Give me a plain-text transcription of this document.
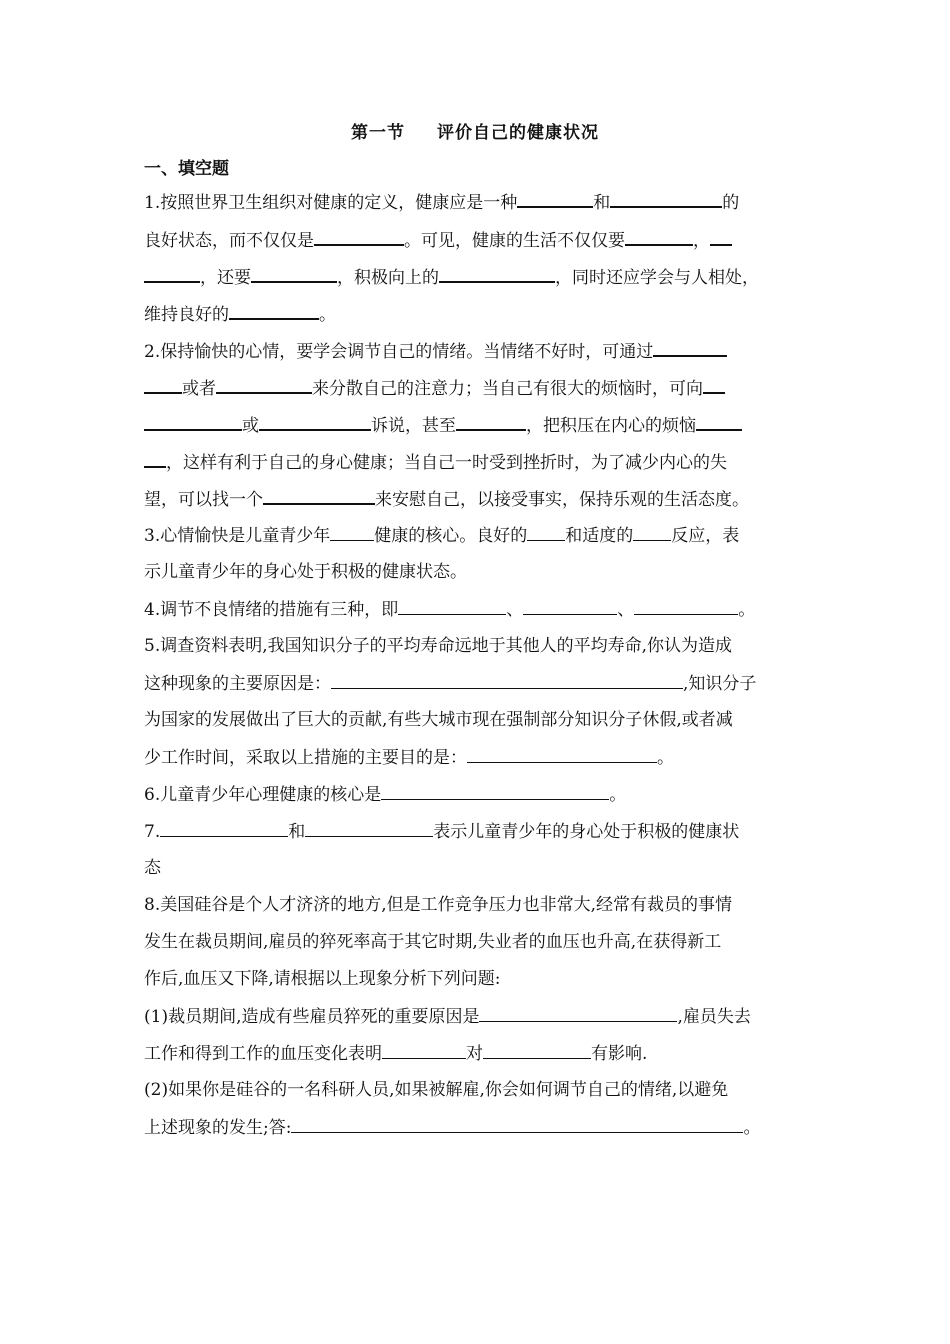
第一节 评价自己的健康状况
一、填空题
1.按照世界卫生组织对健康的定义，健康应是一种	和	的
良好状态，而不仅仅是	。可见，健康的生活不仅仅要	，
，还要	，积极向上的	，同时还应学会与人相处，
维持良好的	。
2.保持愉快的心情，要学会调节自己的情绪。当情绪不好时，可通过
或者	来分散自己的注意力；当自己有很大的烦恼时，可向
或	诉说，甚至	，把积压在内心的烦恼
，这样有利于自己的身心健康；当自己一时受到挫折时，为了减少内心的失
望，可以找一个	来安慰自己，以接受事实，保持乐观的生活态度。
3.心情愉快是儿童青少年	健康的核心。良好的 和适度的 反应，表
示儿童青少年的身心处于积极的健康状态。
4.调节不良情绪的措施有三种，即	、	、	。
5.调查资料表明,我国知识分子的平均寿命远地于其他人的平均寿命,你认为造成
这种现象的主要原因是：	,知识分子
为国家的发展做出了巨大的贡献,有些大城市现在强制部分知识分子休假,或者减
少工作时间，采取以上措施的主要目的是：	。
6.儿童青少年心理健康的核心是	。
7.	和	表示儿童青少年的身心处于积极的健康状
态
8.美国硅谷是个人才济济的地方,但是工作竞争压力也非常大,经常有裁员的事情
发生在裁员期间,雇员的猝死率高于其它时期,失业者的血压也升高,在获得新工
作后,血压又下降,请根据以上现象分析下列问题:
(1)裁员期间,造成有些雇员猝死的重要原因是	,雇员失去
工作和得到工作的血压变化表明	对	有影响.
(2)如果你是硅谷的一名科研人员,如果被解雇,你会如何调节自己的情绪,以避免
上述现象的发生;答:	。
